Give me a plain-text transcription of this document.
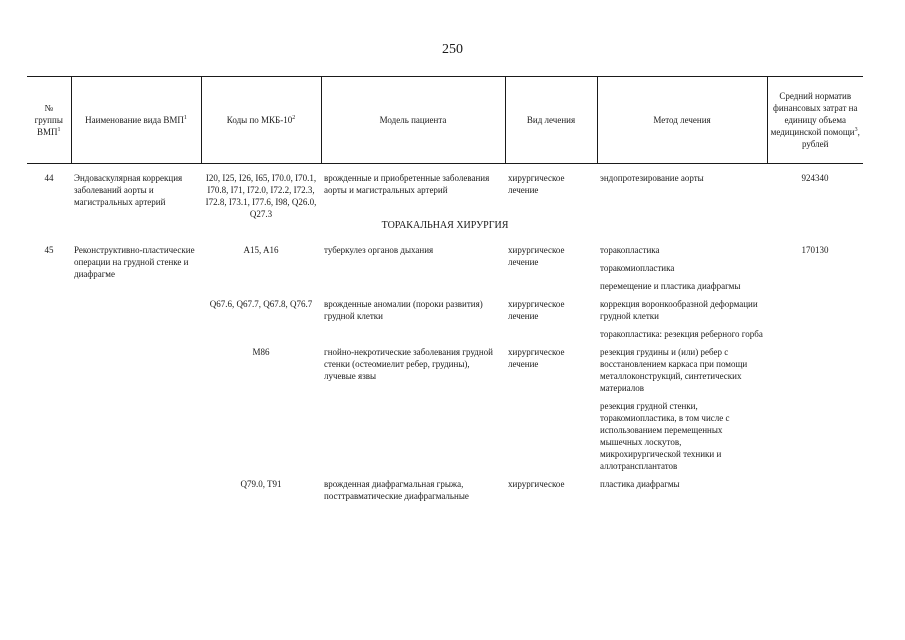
250
№ группы ВМП$^1$	Наименование вида ВМП$^1$	Коды по МКБ-$10^2$	Модель пациента	Вид лечения	Метод лечения	Средний норматив финансовых затрат на единицу объема медицинской помощи$^3$, рублей

44	Эндоваскулярная коррекция заболеваний аорты и магистральных артерий	I20, I25, I26, I65, I70.0, I70.1, I70.8, I71, I72.0, I72.2, I72.3, I72.8, I73.1, I77.6, I98, Q26.0, Q27.3	врожденные и приобретенные заболевания аорты и магистральных артерий	хирургическое лечение	эндопротезирование аорты	924340
ТОРАКАЛЬНАЯ ХИРУРГИЯ						
45	Реконструктивно-пластические операции на грудной стенке и диафрагме	A15, A16	туберкулез органов дыхания	хирургическое лечение	торакопластика
торакомиопластика
перемещение и пластика диафрагмы	170130
		Q67.6, Q67.7, Q67.8, Q76.7	врожденные аномалии (пороки развития) грудной клетки	хирургическое лечение	коррекция воронкообразной деформации грудной клетки
торакопластика: резекция реберного горба	

		M86	гнойно-некротические заболевания грудной стенки (остеомиелит ребер, грудины), лучевые язвы	хирургическое лечение	резекция грудины и (или) ребер с восстановлением каркаса при помощи металлоконструкций, синтетических материалов
резекция грудной стенки, торакомиопластика, в том числе с использованием перемещенных мышечных лоскутов, микрохирургической техники и аллотрансплантатов	

		Q79.0, T91	врожденная диафрагмальная грыжа, посттравматические диафрагмальные	хирургическое	пластика диафрагмы	
